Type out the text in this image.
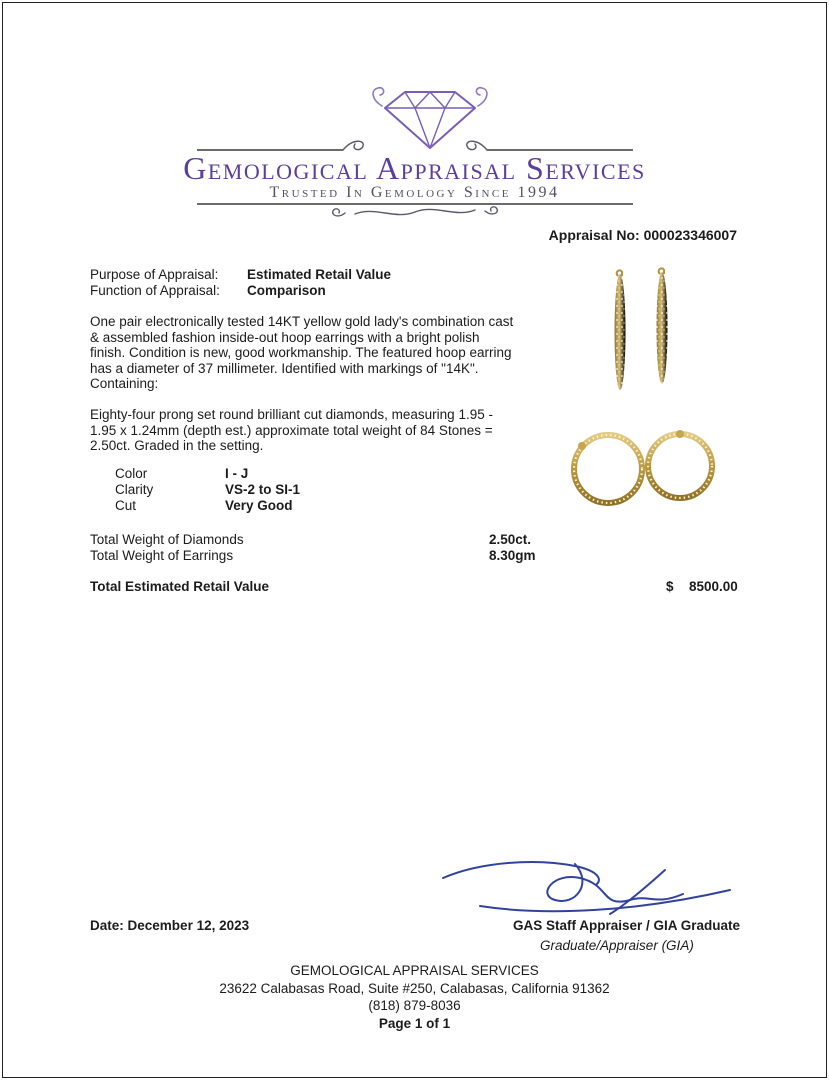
Gemological Appraisal Services
Trusted In Gemology Since 1994
Appraisal No: 000023346007
Purpose of Appraisal: Estimated Retail Value
Function of Appraisal: Comparison
One pair electronically tested 14KT yellow gold lady's combination cast & assembled fashion inside-out hoop earrings with a bright polish finish. Condition is new, good workmanship. The featured hoop earring has a diameter of 37 millimeter. Identified with markings of "14K". Containing:
Eighty-four prong set round brilliant cut diamonds, measuring 1.95 - 1.95 x 1.24mm (depth est.) approximate total weight of 84 Stones = 2.50ct. Graded in the setting.
Color	I - J
Clarity	VS-2 to SI-1
Cut	Very Good
Total Weight of Diamonds	2.50ct.
Total Weight of Earrings	8.30gm
Total Estimated Retail Value	$ 8500.00
Date: December 12, 2023	GAS Staff Appraiser / GIA Graduate
Graduate/Appraiser (GIA)
GEMOLOGICAL APPRAISAL SERVICES
23622 Calabasas Road, Suite #250, Calabasas, California 91362
(818) 879-8036
Page 1 of 1
